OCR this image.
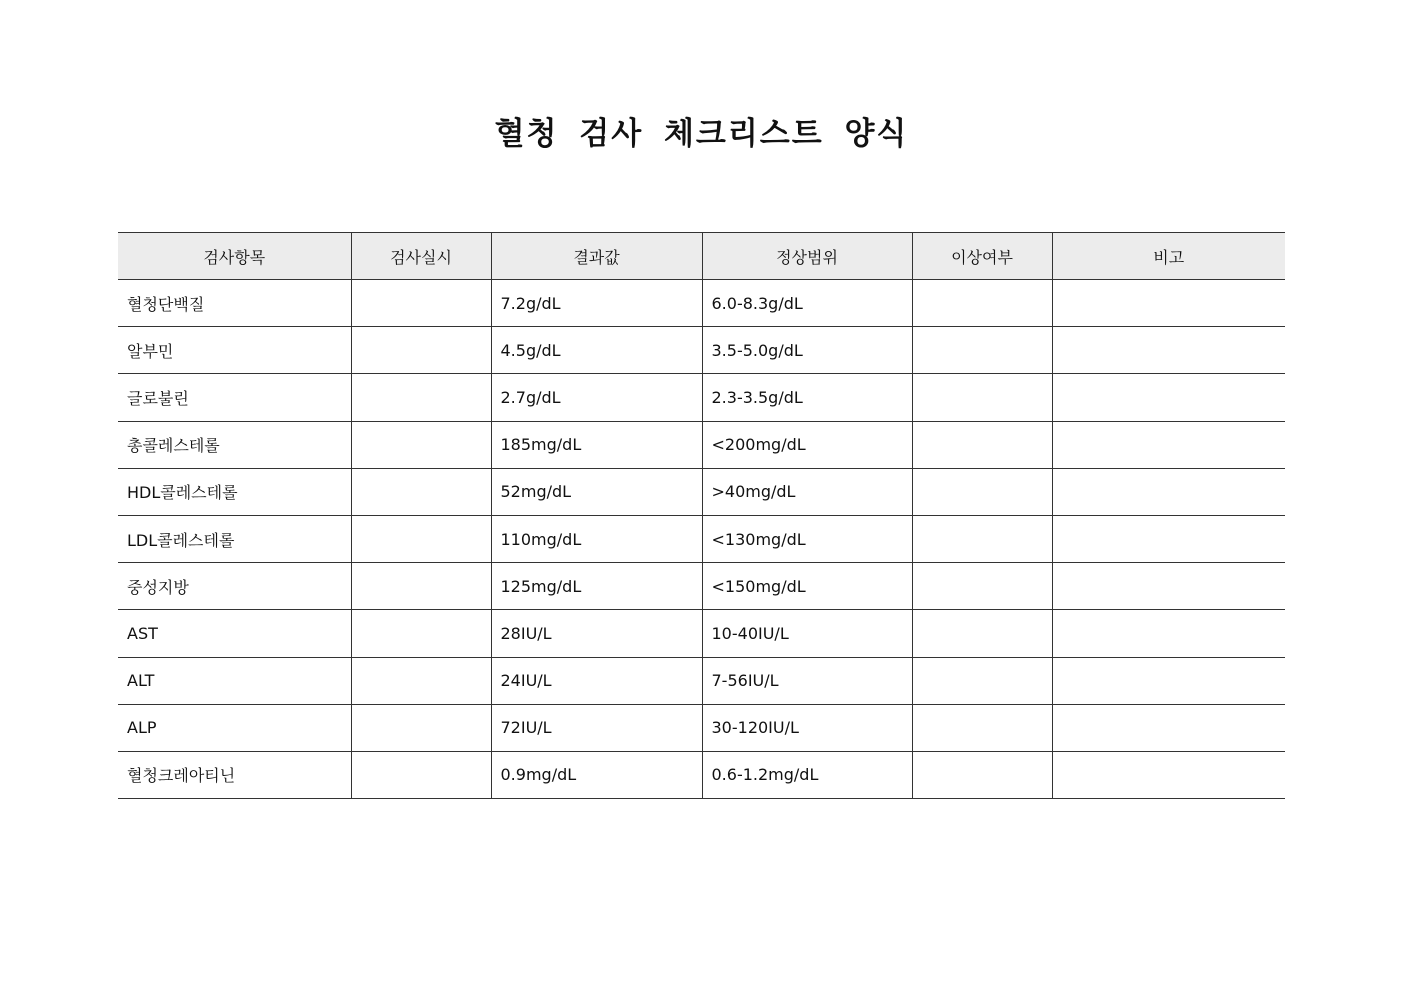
혈청 검사 체크리스트 양식
검사항목	검사실시	결과값	정상범위	이상여부	비고
혈청단백질		7.2g/dL	6.0-8.3g/dL		
알부민		4.5g/dL	3.5-5.0g/dL		
글로불린		2.7g/dL	2.3-3.5g/dL		
총콜레스테롤		185mg/dL	<200mg/dL		
HDL콜레스테롤		52mg/dL	>40mg/dL		
LDL콜레스테롤		110mg/dL	<130mg/dL		
중성지방		125mg/dL	<150mg/dL		
AST		28IU/L	10-40IU/L		
ALT		24IU/L	7-56IU/L		
ALP		72IU/L	30-120IU/L		
혈청크레아티닌		0.9mg/dL	0.6-1.2mg/dL		
